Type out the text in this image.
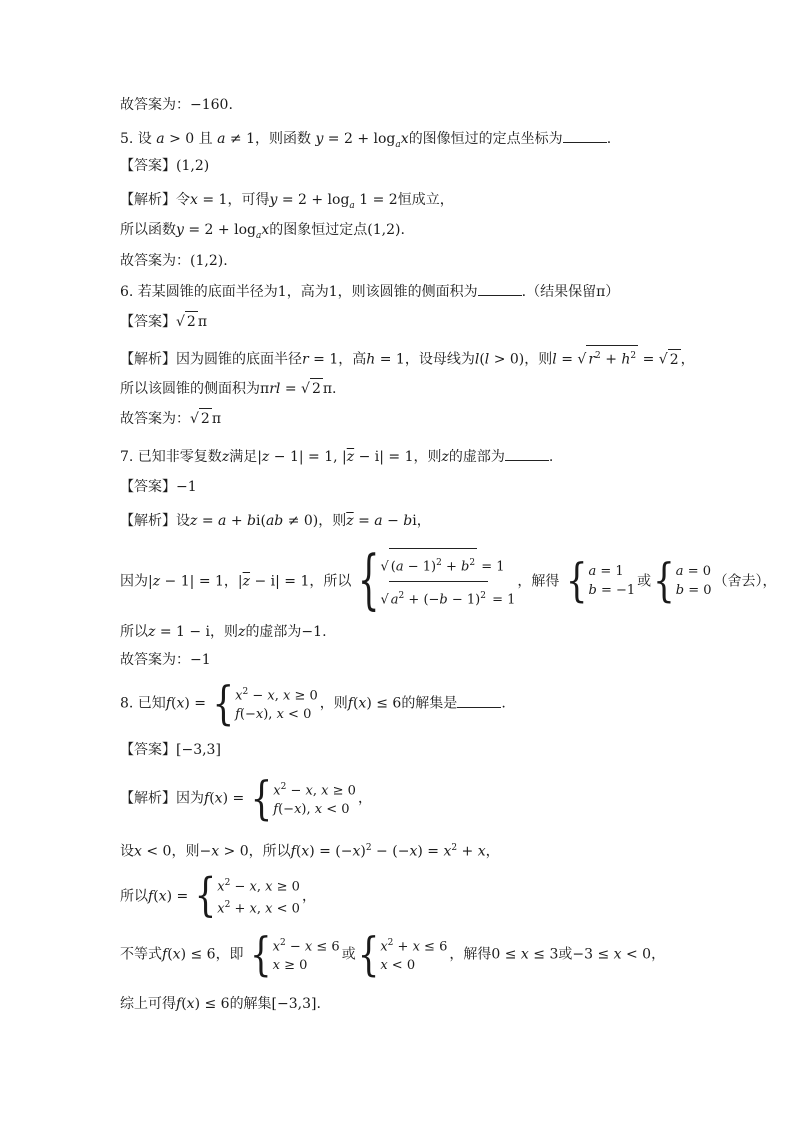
故答案为：−160.
5. 设 a > 0 且 a ≠ 1，则函数 $y = 2 + \log_ax$的图像恒过的定点坐标为	.
【答案】(1,2)
【解析】令x = 1，可得$y = 2 + \log_a 1 = 2$恒成立，
所以函数$y = 2 + \log_ax$的图象恒过定点(1,2).
故答案为：(1,2).
6. 若某圆锥的底面半径为1，高为1，则该圆锥的侧面积为	.（结果保留π）
【答案】√ 2 π
【解析】因为圆锥的底面半径r = 1，高h = 1，设母线为l(l > 0)，则l = √ $r^2 + h^2$ = √ 2 ，
所以该圆锥的侧面积为πrl = √ 2 π.
故答案为：√ 2 π
7. 已知非零复数z满足|z − 1| = 1, $|\overline{z} - i| = 1$，则z的虚部为	.
【答案】−1
【解析】设z = a + bi(ab ≠ 0)，则$\overline{z} = a$ − bi，
因为|z − 1| = 1，$|\overline{z} - i| = 1$，所以 { √ $(a - 1)^2 + b^2 = 1$
√ $a^2 + (-b - 1)^2 = 1$
，解得 { a = 1
b = −1
或 { a = 0
b = 0
（舍去），
所以z = 1 − i，则z的虚部为−1.
故答案为：−1
8. 已知f(x) = { $x^2 - x$, x ≥ 0
f(−x), x < 0
，则f(x) ≤ 6的解集是	.
【答案】[−3,3]
【解析】因为f(x) = { $x^2 - x$, x ≥ 0
f(−x), x < 0
，
设x < 0，则−x > 0，所以$f(x) = (-x)^2 - (-x) = x^2 + x$，
所以f(x) = { $x^2 - x$, x ≥ 0
$x^2 + x$, x < 0
，
不等式f(x) ≤ 6，即 { $x^2 - x \le 6$
x ≥ 0
或 { $x^2 + x \le 6$
x < 0
，解得0 ≤ x ≤ 3或−3 ≤ x < 0，
综上可得f(x) ≤ 6的解集[−3,3].
